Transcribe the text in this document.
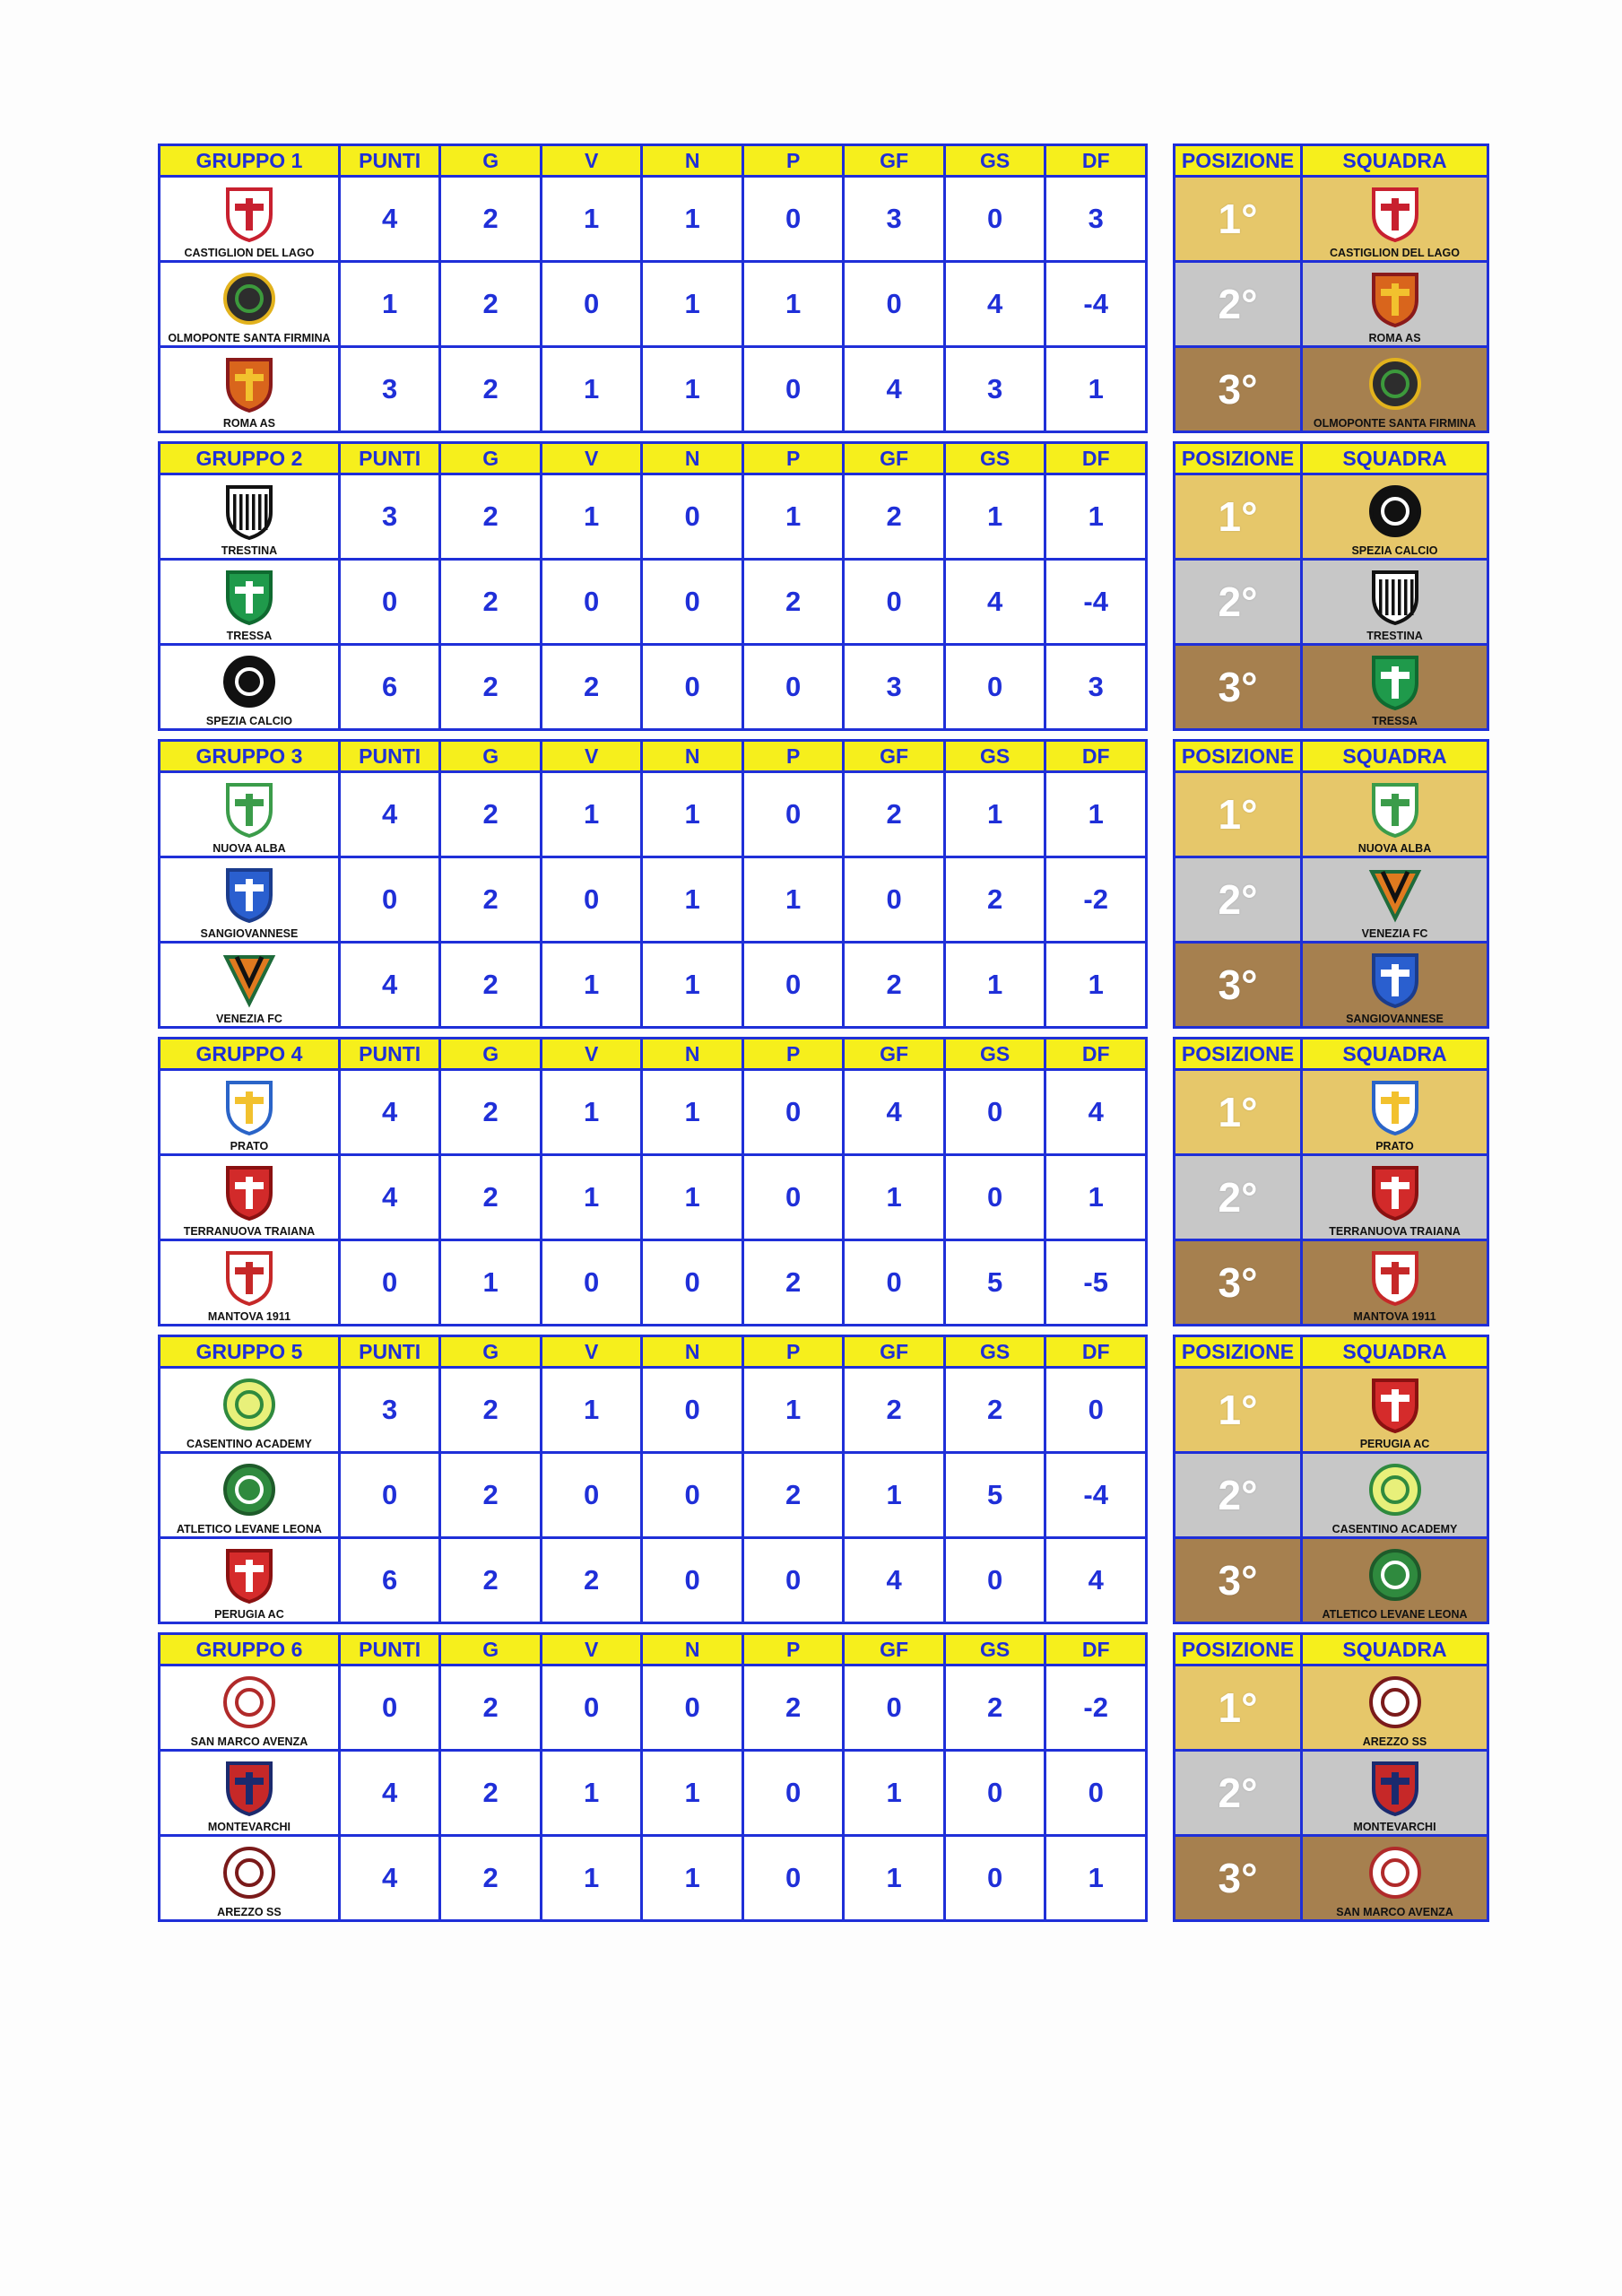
GRUPPO 1	PUNTI	G	V	N	P	GF	GS	DF

CASTIGLION DEL LAGO	4	2	1	1	0	3	0	3

OLMOPONTE SANTA FIRMINA	1	2	0	1	1	0	4	-4

ROMA AS	3	2	1	1	0	4	3	1
POSIZIONE	SQUADRA
1°	CASTIGLION DEL LAGO

2°	ROMA AS

3°	OLMOPONTE SANTA FIRMINA
GRUPPO 2	PUNTI	G	V	N	P	GF	GS	DF

TRESTINA	3	2	1	0	1	2	1	1

TRESSA	0	2	0	0	2	0	4	-4

SPEZIA CALCIO	6	2	2	0	0	3	0	3
POSIZIONE	SQUADRA
1°	SPEZIA CALCIO

2°	TRESTINA

3°	TRESSA
GRUPPO 3	PUNTI	G	V	N	P	GF	GS	DF

NUOVA ALBA	4	2	1	1	0	2	1	1

SANGIOVANNESE	0	2	0	1	1	0	2	-2

VENEZIA FC	4	2	1	1	0	2	1	1
POSIZIONE	SQUADRA
1°	NUOVA ALBA

2°	VENEZIA FC

3°	SANGIOVANNESE
GRUPPO 4	PUNTI	G	V	N	P	GF	GS	DF

PRATO	4	2	1	1	0	4	0	4

TERRANUOVA TRAIANA	4	2	1	1	0	1	0	1

MANTOVA 1911	0	1	0	0	2	0	5	-5
POSIZIONE	SQUADRA
1°	PRATO

2°	TERRANUOVA TRAIANA

3°	MANTOVA 1911
GRUPPO 5	PUNTI	G	V	N	P	GF	GS	DF

CASENTINO ACADEMY	3	2	1	0	1	2	2	0

ATLETICO LEVANE LEONA	0	2	0	0	2	1	5	-4

PERUGIA AC	6	2	2	0	0	4	0	4
POSIZIONE	SQUADRA
1°	PERUGIA AC

2°	CASENTINO ACADEMY

3°	ATLETICO LEVANE LEONA
GRUPPO 6	PUNTI	G	V	N	P	GF	GS	DF

SAN MARCO AVENZA	0	2	0	0	2	0	2	-2

MONTEVARCHI	4	2	1	1	0	1	0	0

AREZZO SS	4	2	1	1	0	1	0	1
POSIZIONE	SQUADRA
1°	AREZZO SS

2°	MONTEVARCHI

3°	SAN MARCO AVENZA
